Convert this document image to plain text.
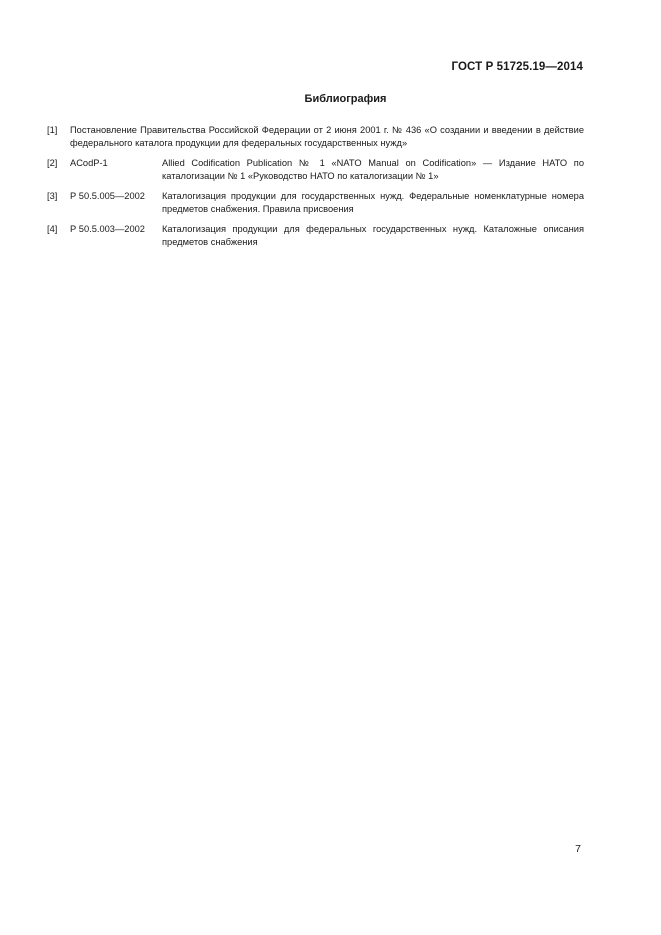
ГОСТ Р 51725.19—2014
Библиография
[1]	Постановление Правительства Российской Федерации от 2 июня 2001 г. № 436 «О создании и введении в действие федерального каталога продукции для федеральных государственных нужд»
[2]	ACodP-1	Allied Codification Publication № 1 «NATO Manual on Codification» — Издание НАТО по каталогизации № 1 «Руководство НАТО по каталогизации № 1»
[3]	Р 50.5.005—2002	Каталогизация продукции для государственных нужд. Федеральные номенклатурные номера предметов снабжения. Правила присвоения
[4]	Р 50.5.003—2002	Каталогизация продукции для федеральных государственных нужд. Каталожные описания предметов снабжения
7
